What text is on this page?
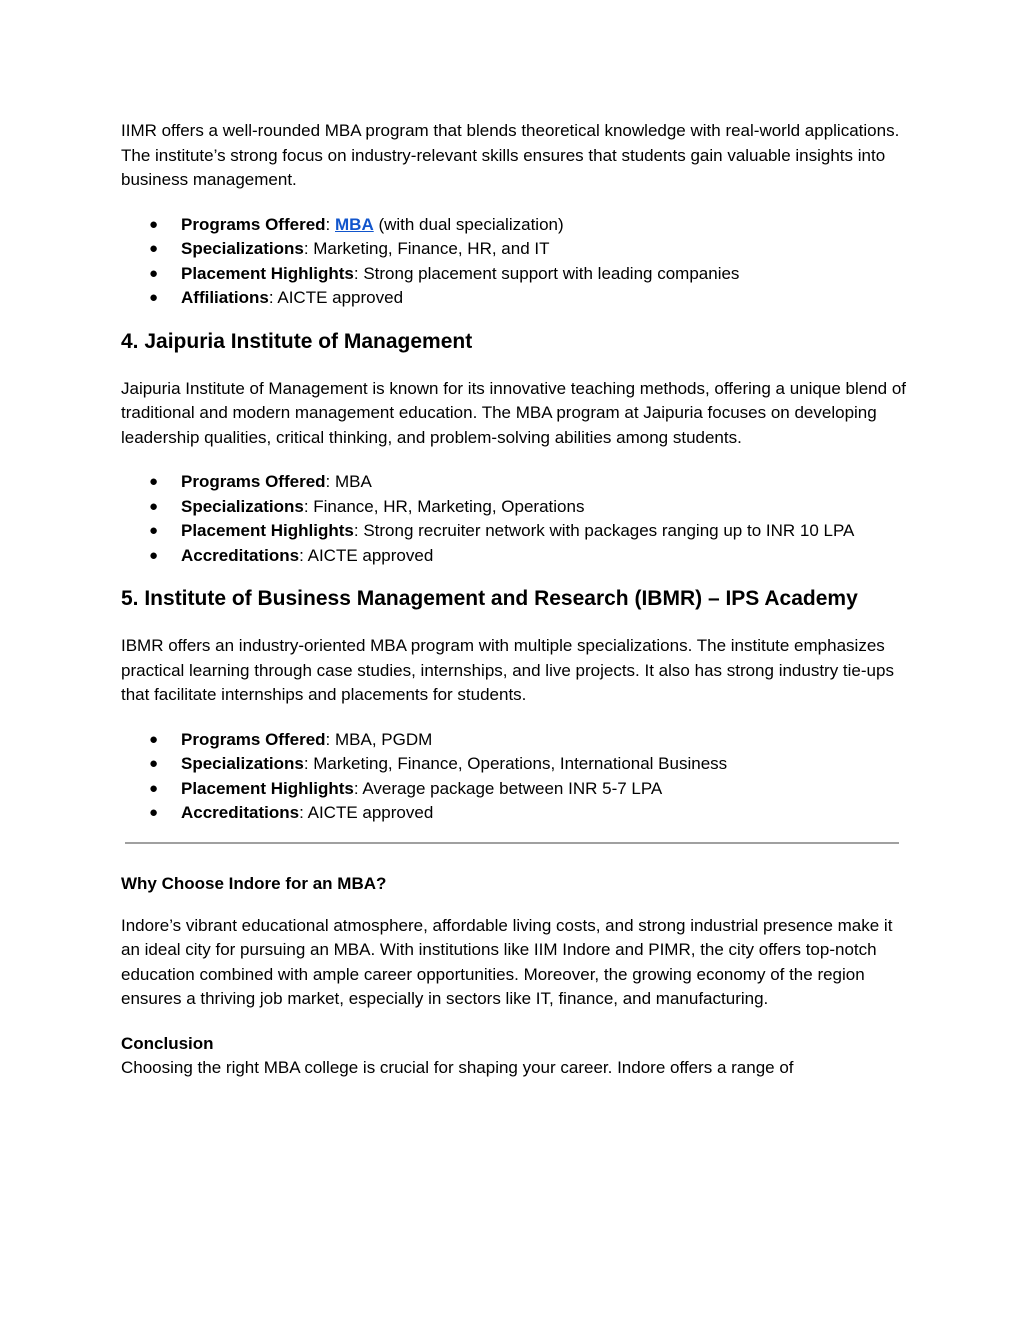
IIMR offers a well-rounded MBA program that blends theoretical knowledge with real-world applications. The institute’s strong focus on industry-relevant skills ensures that students gain valuable insights into business management.

● Programs Offered: MBA (with dual specialization)
● Specializations: Marketing, Finance, HR, and IT
● Placement Highlights: Strong placement support with leading companies
● Affiliations: AICTE approved
4. Jaipuria Institute of Management

Jaipuria Institute of Management is known for its innovative teaching methods, offering a unique blend of traditional and modern management education. The MBA program at Jaipuria focuses on developing leadership qualities, critical thinking, and problem-solving abilities among students.

● Programs Offered: MBA
● Specializations: Finance, HR, Marketing, Operations
● Placement Highlights: Strong recruiter network with packages ranging up to INR 10 LPA
● Accreditations: AICTE approved
5. Institute of Business Management and Research (IBMR) – IPS Academy

IBMR offers an industry-oriented MBA program with multiple specializations. The institute emphasizes practical learning through case studies, internships, and live projects. It also has strong industry tie-ups that facilitate internships and placements for students.

● Programs Offered: MBA, PGDM
● Specializations: Marketing, Finance, Operations, International Business
● Placement Highlights: Average package between INR 5-7 LPA
● Accreditations: AICTE approved
Why Choose Indore for an MBA?

Indore’s vibrant educational atmosphere, affordable living costs, and strong industrial presence make it an ideal city for pursuing an MBA. With institutions like IIM Indore and PIMR, the city offers top-notch education combined with ample career opportunities. Moreover, the growing economy of the region ensures a thriving job market, especially in sectors like IT, finance, and manufacturing.

Conclusion

Choosing the right MBA college is crucial for shaping your career. Indore offers a range of
